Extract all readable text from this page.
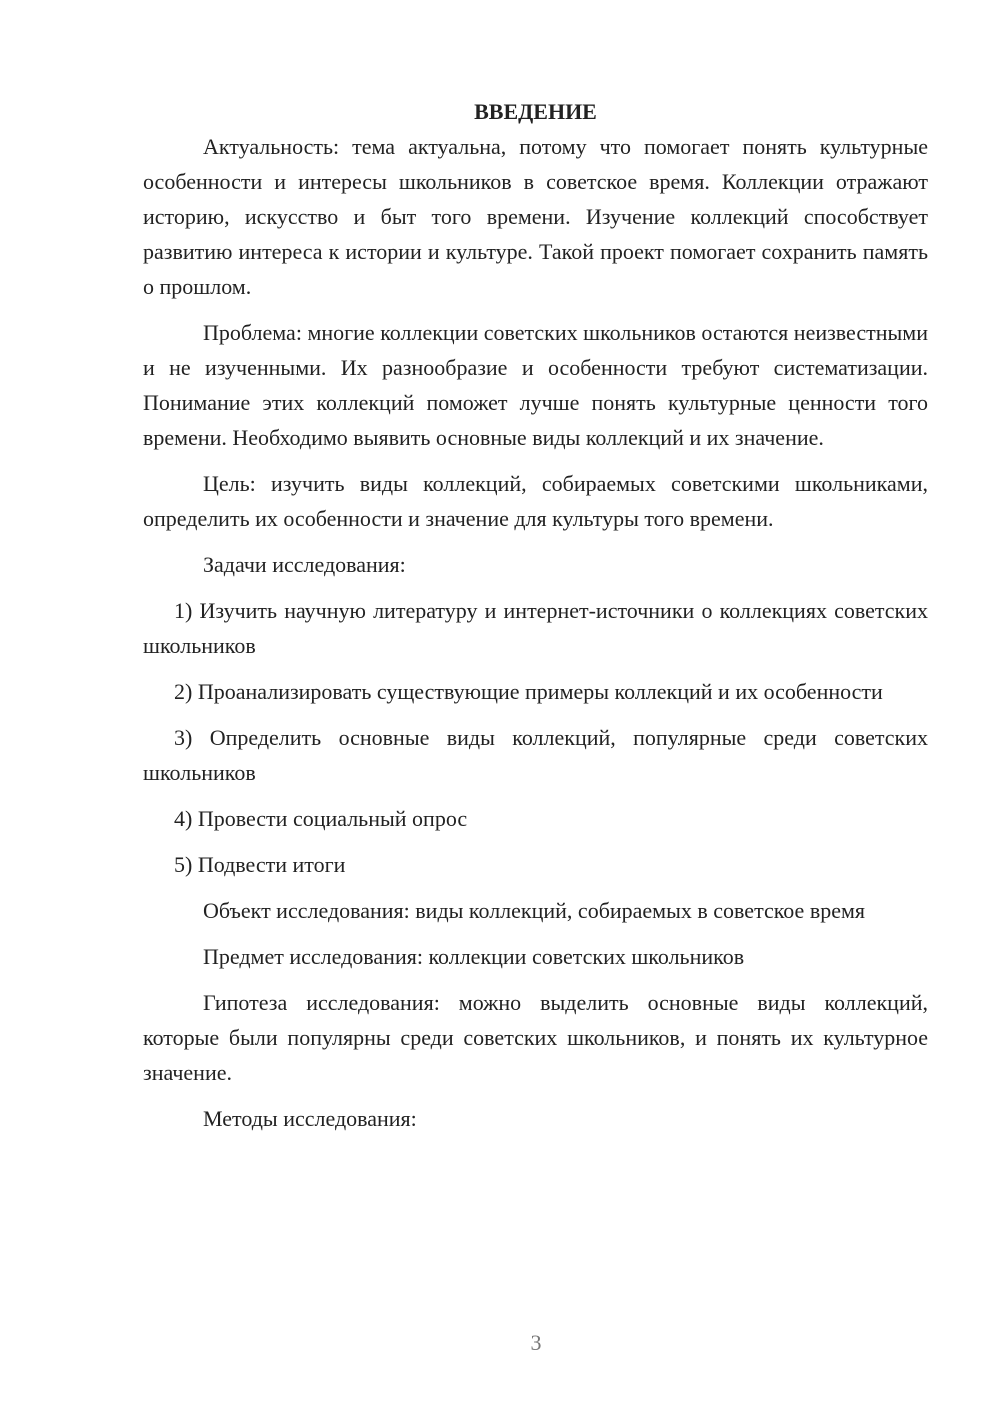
ВВЕДЕНИЕ

Актуальность: тема актуальна, потому что помогает понять культурные особенности и интересы школьников в советское время. Коллекции отражают историю, искусство и быт того времени. Изучение коллекций способствует развитию интереса к истории и культуре. Такой проект помогает сохранить память о прошлом.

Проблема: многие коллекции советских школьников остаются неизвестными и не изученными. Их разнообразие и особенности требуют систематизации. Понимание этих коллекций поможет лучше понять культурные ценности того времени. Необходимо выявить основные виды коллекций и их значение.

Цель: изучить виды коллекций, собираемых советскими школьниками, определить их особенности и значение для культуры того времени.

Задачи исследования:

1) Изучить научную литературу и интернет-источники о коллекциях советских школьников

2) Проанализировать существующие примеры коллекций и их особенности

3) Определить основные виды коллекций, популярные среди советских школьников

4) Провести социальный опрос

5) Подвести итоги

Объект исследования: виды коллекций, собираемых в советское время

Предмет исследования: коллекции советских школьников

Гипотеза исследования: можно выделить основные виды коллекций, которые были популярны среди советских школьников, и понять их культурное значение.

Методы исследования:

3
